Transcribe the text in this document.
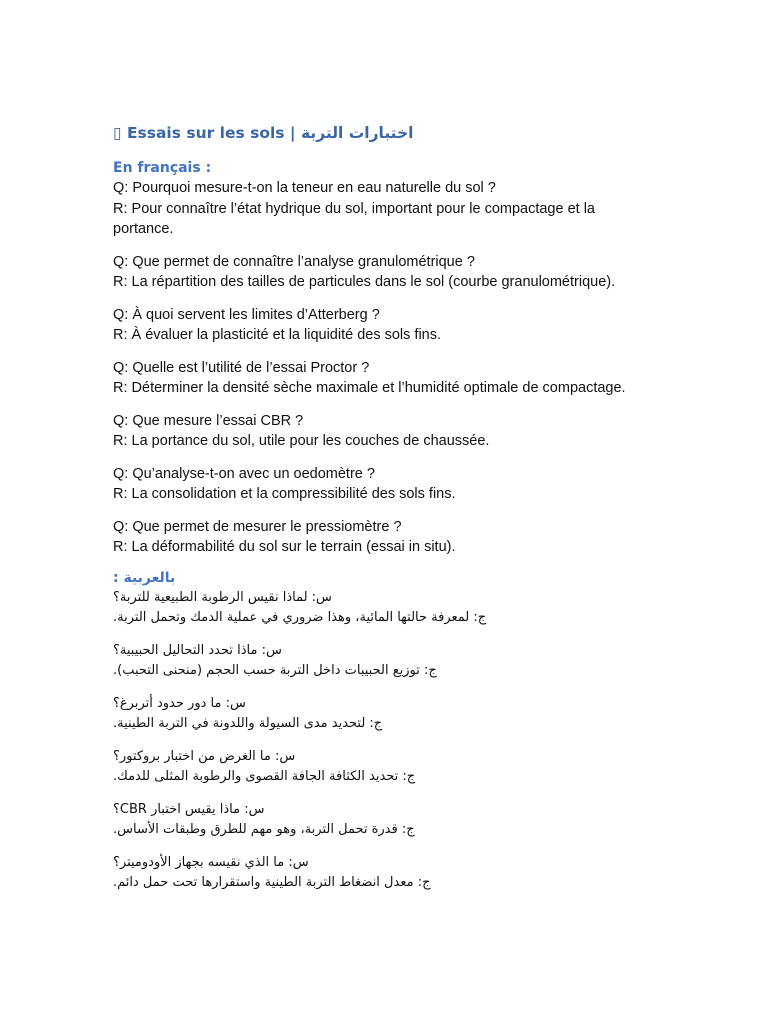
▯ Essais sur les sols | اختبارات التربة
En français :

Q: Pourquoi mesure-t-on la teneur en eau naturelle du sol ?

R: Pour connaître l’état hydrique du sol, important pour le compactage et la portance.

Q: Que permet de connaître l’analyse granulométrique ?

R: La répartition des tailles de particules dans le sol (courbe granulométrique).

Q: À quoi servent les limites d’Atterberg ?

R: À évaluer la plasticité et la liquidité des sols fins.

Q: Quelle est l’utilité de l’essai Proctor ?

R: Déterminer la densité sèche maximale et l’humidité optimale de compactage.

Q: Que mesure l’essai CBR ?

R: La portance du sol, utile pour les couches de chaussée.

Q: Qu’analyse-t-on avec un oedomètre ?

R: La consolidation et la compressibilité des sols fins.

Q: Que permet de mesurer le pressiomètre ?

R: La déformabilité du sol sur le terrain (essai in situ).

بالعربية :

س: لماذا نقيس الرطوبة الطبيعية للتربة؟

ج: لمعرفة حالتها المائية، وهذا ضروري في عملية الدمك وتحمل التربة.

س: ماذا تحدد التحاليل الحبيبية؟

ج: توزيع الحبيبات داخل التربة حسب الحجم (منحنى التحبب).

س: ما دور حدود أتربرغ؟

ج: لتحديد مدى السيولة واللدونة في التربة الطينية.

س: ما الغرض من اختبار بروكتور؟

ج: تحديد الكثافة الجافة القصوى والرطوبة المثلى للدمك.

س: ماذا يقيس اختبار CBR؟

ج: قدرة تحمل التربة، وهو مهم للطرق وطبقات الأساس.

س: ما الذي نقيسه بجهاز الأودوميتر؟

ج: معدل انضغاط التربة الطينية واستقرارها تحت حمل دائم.
